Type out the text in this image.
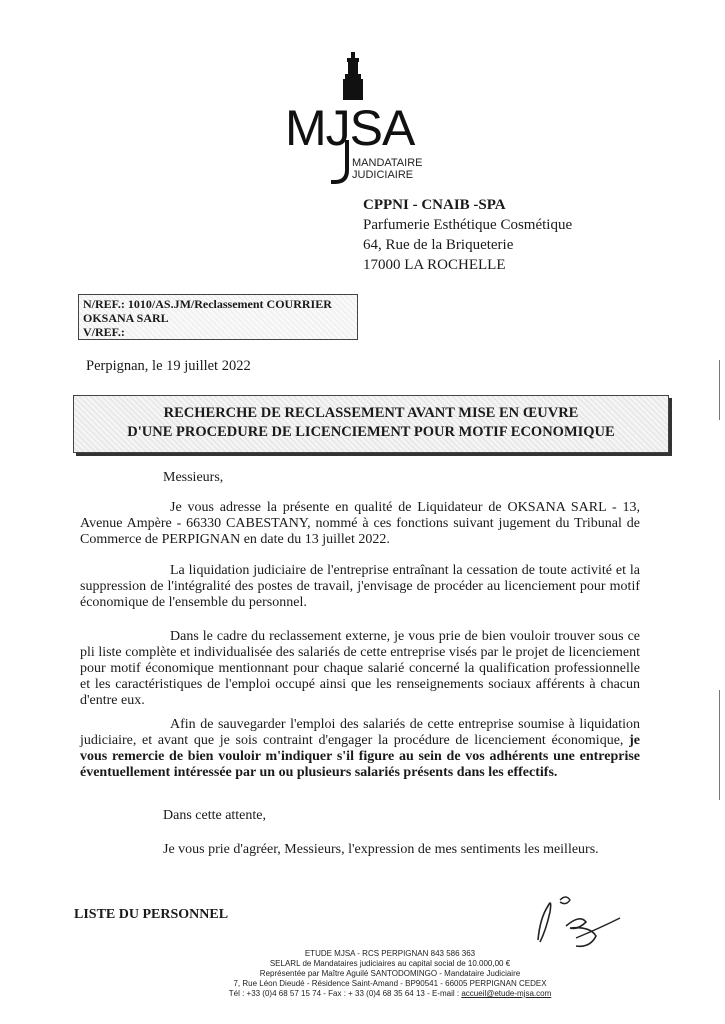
MJSA
MANDATAIRE
JUDICIAIRE
CPPNI - CNAIB -SPA
Parfumerie Esthétique Cosmétique
64, Rue de la Briqueterie
17000 LA ROCHELLE
N/REF.: 1010/AS.JM/Reclassement COURRIER
OKSANA SARL
V/REF.:
Perpignan, le 19 juillet 2022
RECHERCHE DE RECLASSEMENT AVANT MISE EN ŒUVRE
D'UNE PROCEDURE DE LICENCIEMENT POUR MOTIF ECONOMIQUE
Messieurs,
Je vous adresse la présente en qualité de Liquidateur de OKSANA SARL - 13, Avenue Ampère - 66330 CABESTANY, nommé à ces fonctions suivant jugement du Tribunal de Commerce de PERPIGNAN en date du 13 juillet 2022.
La liquidation judiciaire de l'entreprise entraînant la cessation de toute activité et la suppression de l'intégralité des postes de travail, j'envisage de procéder au licenciement pour motif économique de l'ensemble du personnel.
Dans le cadre du reclassement externe, je vous prie de bien vouloir trouver sous ce pli liste complète et individualisée des salariés de cette entreprise visés par le projet de licenciement pour motif économique mentionnant pour chaque salarié concerné la qualification professionnelle et les caractéristiques de l'emploi occupé ainsi que les renseignements sociaux afférents à chacun d'entre eux.
Afin de sauvegarder l'emploi des salariés de cette entreprise soumise à liquidation judiciaire, et avant que je sois contraint d'engager la procédure de licenciement économique, je vous remercie de bien vouloir m'indiquer s'il figure au sein de vos adhérents une entreprise éventuellement intéressée par un ou plusieurs salariés présents dans les effectifs.
Dans cette attente,
Je vous prie d'agréer, Messieurs, l'expression de mes sentiments les meilleurs.
LISTE DU PERSONNEL
ETUDE MJSA - RCS PERPIGNAN 843 586 363
SELARL de Mandataires judiciaires au capital social de 10.000,00 €
Représentée par Maître Aguilé SANTODOMINGO - Mandataire Judiciaire
7, Rue Léon Dieudé - Résidence Saint-Amand - BP90541 - 66005 PERPIGNAN CEDEX
Tél : +33 (0)4 68 57 15 74 - Fax : + 33 (0)4 68 35 64 13 - E-mail : accueil@etude-mjsa.com
